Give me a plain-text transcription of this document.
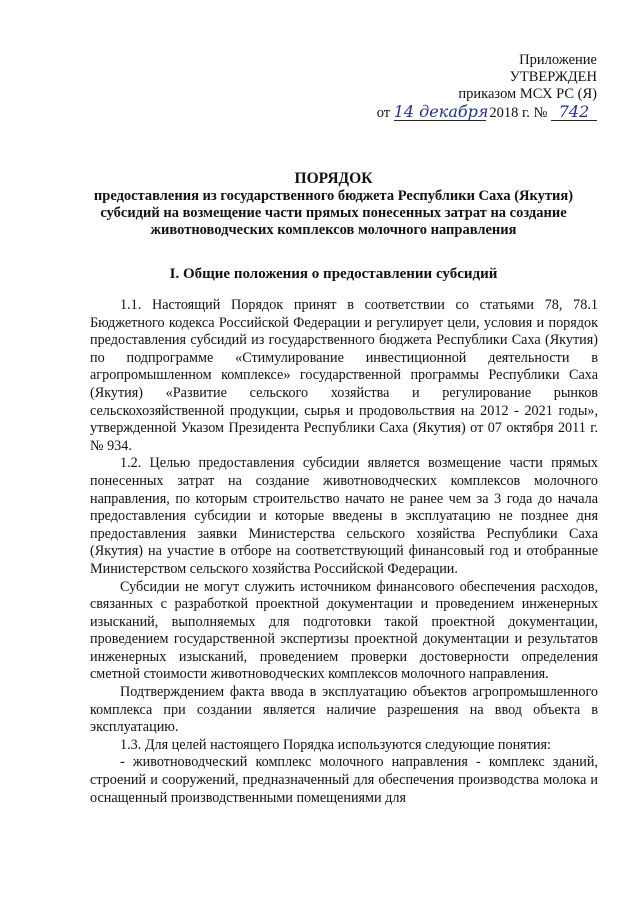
Приложение
УТВЕРЖДЕН
приказом МСХ РС (Я)
от 14 декабря 2018 г. № 742
ПОРЯДОК
предоставления из государственного бюджета Республики Саха (Якутия)
субсидий на возмещение части прямых понесенных затрат на создание
животноводческих комплексов молочного направления
I. Общие положения о предоставлении субсидий

1.1. Настоящий Порядок принят в соответствии со статьями 78, 78.1 Бюджетного кодекса Российской Федерации и регулирует цели, условия и порядок предоставления субсидий из государственного бюджета Республики Саха (Якутия) по подпрограмме «Стимулирование инвестиционной деятельности в агропромышленном комплексе» государственной программы Республики Саха (Якутия) «Развитие сельского хозяйства и регулирование рынков сельскохозяйственной продукции, сырья и продовольствия на 2012 - 2021 годы», утвержденной Указом Президента Республики Саха (Якутия) от 07 октября 2011 г. № 934.

1.2. Целью предоставления субсидии является возмещение части прямых понесенных затрат на создание животноводческих комплексов молочного направления, по которым строительство начато не ранее чем за 3 года до начала предоставления субсидии и которые введены в эксплуатацию не позднее дня предоставления заявки Министерства сельского хозяйства Республики Саха (Якутия) на участие в отборе на соответствующий финансовый год и отобранные Министерством сельского хозяйства Российской Федерации.

Субсидии не могут служить источником финансового обеспечения расходов, связанных с разработкой проектной документации и проведением инженерных изысканий, выполняемых для подготовки такой проектной документации, проведением государственной экспертизы проектной документации и результатов инженерных изысканий, проведением проверки достоверности определения сметной стоимости животноводческих комплексов молочного направления.

Подтверждением факта ввода в эксплуатацию объектов агропромышленного комплекса при создании является наличие разрешения на ввод объекта в эксплуатацию.

1.3. Для целей настоящего Порядка используются следующие понятия:

- животноводческий комплекс молочного направления - комплекс зданий, строений и сооружений, предназначенный для обеспечения производства молока и оснащенный производственными помещениями для
